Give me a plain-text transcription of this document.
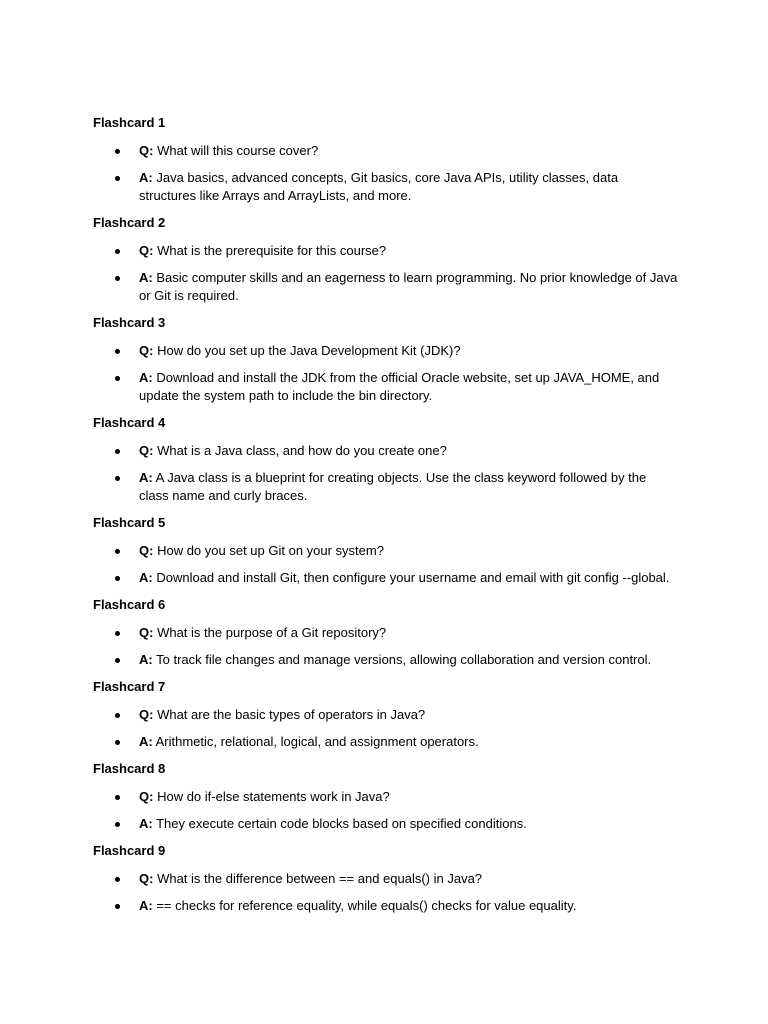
Flashcard 1
Q: What will this course cover?
A: Java basics, advanced concepts, Git basics, core Java APIs, utility classes, data structures like Arrays and ArrayLists, and more.
Flashcard 2
Q: What is the prerequisite for this course?
A: Basic computer skills and an eagerness to learn programming. No prior knowledge of Java or Git is required.
Flashcard 3
Q: How do you set up the Java Development Kit (JDK)?
A: Download and install the JDK from the official Oracle website, set up JAVA_HOME, and update the system path to include the bin directory.
Flashcard 4
Q: What is a Java class, and how do you create one?
A: A Java class is a blueprint for creating objects. Use the class keyword followed by the class name and curly braces.
Flashcard 5
Q: How do you set up Git on your system?
A: Download and install Git, then configure your username and email with git config --global.
Flashcard 6
Q: What is the purpose of a Git repository?
A: To track file changes and manage versions, allowing collaboration and version control.
Flashcard 7
Q: What are the basic types of operators in Java?
A: Arithmetic, relational, logical, and assignment operators.
Flashcard 8
Q: How do if-else statements work in Java?
A: They execute certain code blocks based on specified conditions.
Flashcard 9
Q: What is the difference between == and equals() in Java?
A: == checks for reference equality, while equals() checks for value equality.
